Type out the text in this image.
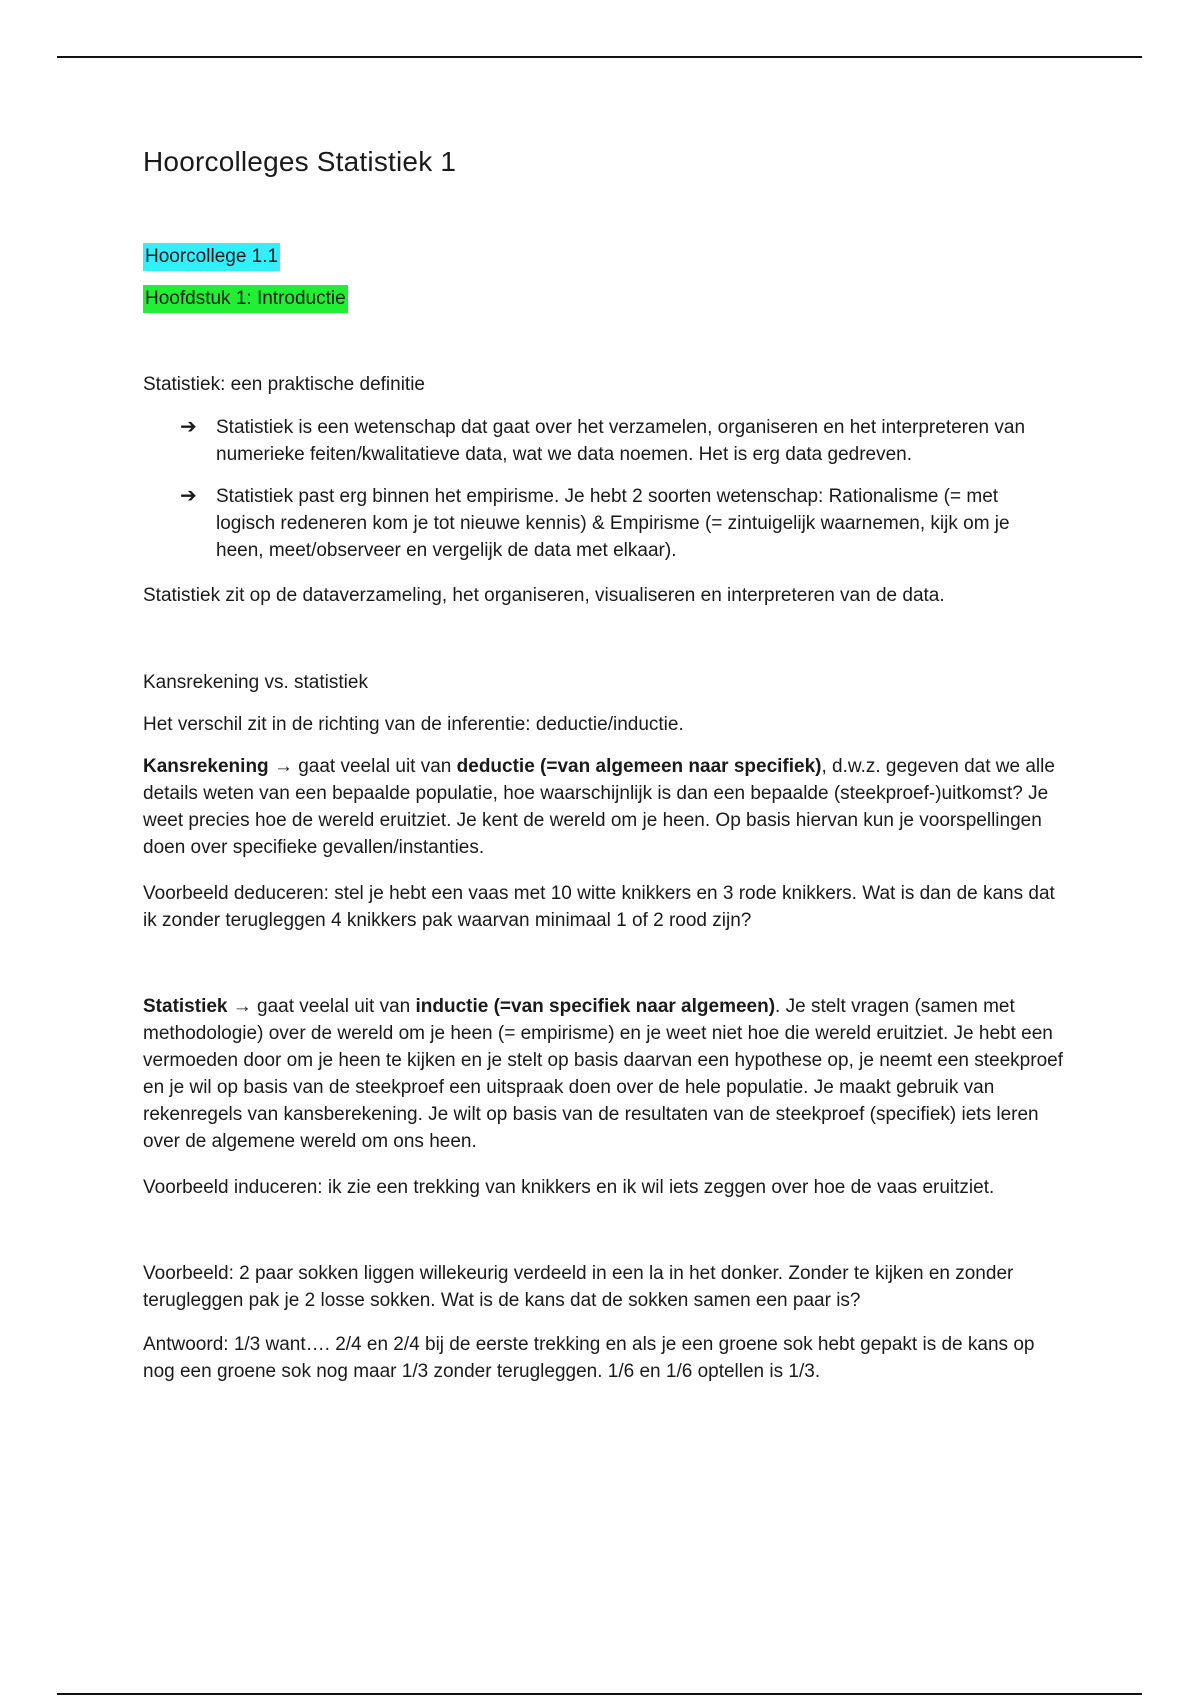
Hoorcolleges Statistiek 1
Hoorcollege 1.1
Hoofdstuk 1: Introductie
Statistiek: een praktische definitie
➔ Statistiek is een wetenschap dat gaat over het verzamelen, organiseren en het interpreteren van numerieke feiten/kwalitatieve data, wat we data noemen. Het is erg data gedreven.
➔ Statistiek past erg binnen het empirisme. Je hebt 2 soorten wetenschap: Rationalisme (= met logisch redeneren kom je tot nieuwe kennis) & Empirisme (= zintuigelijk waarnemen, kijk om je heen, meet/observeer en vergelijk de data met elkaar).
Statistiek zit op de dataverzameling, het organiseren, visualiseren en interpreteren van de data.
Kansrekening vs. statistiek
Het verschil zit in de richting van de inferentie: deductie/inductie.

Kansrekening → gaat veelal uit van deductie (=van algemeen naar specifiek), d.w.z. gegeven dat we alle details weten van een bepaalde populatie, hoe waarschijnlijk is dan een bepaalde (steekproef-)uitkomst? Je weet precies hoe de wereld eruitziet. Je kent de wereld om je heen. Op basis hiervan kun je voorspellingen doen over specifieke gevallen/instanties.

Voorbeeld deduceren: stel je hebt een vaas met 10 witte knikkers en 3 rode knikkers. Wat is dan de kans dat ik zonder terugleggen 4 knikkers pak waarvan minimaal 1 of 2 rood zijn?

Statistiek → gaat veelal uit van inductie (=van specifiek naar algemeen). Je stelt vragen (samen met methodologie) over de wereld om je heen (= empirisme) en je weet niet hoe die wereld eruitziet. Je hebt een vermoeden door om je heen te kijken en je stelt op basis daarvan een hypothese op, je neemt een steekproef en je wil op basis van de steekproef een uitspraak doen over de hele populatie. Je maakt gebruik van rekenregels van kansberekening. Je wilt op basis van de resultaten van de steekproef (specifiek) iets leren over de algemene wereld om ons heen.

Voorbeeld induceren: ik zie een trekking van knikkers en ik wil iets zeggen over hoe de vaas eruitziet.
Voorbeeld: 2 paar sokken liggen willekeurig verdeeld in een la in het donker. Zonder te kijken en zonder terugleggen pak je 2 losse sokken. Wat is de kans dat de sokken samen een paar is?
Antwoord: 1/3 want…. 2/4 en 2/4 bij de eerste trekking en als je een groene sok hebt gepakt is de kans op nog een groene sok nog maar 1/3 zonder terugleggen. 1/6 en 1/6 optellen is 1/3.
